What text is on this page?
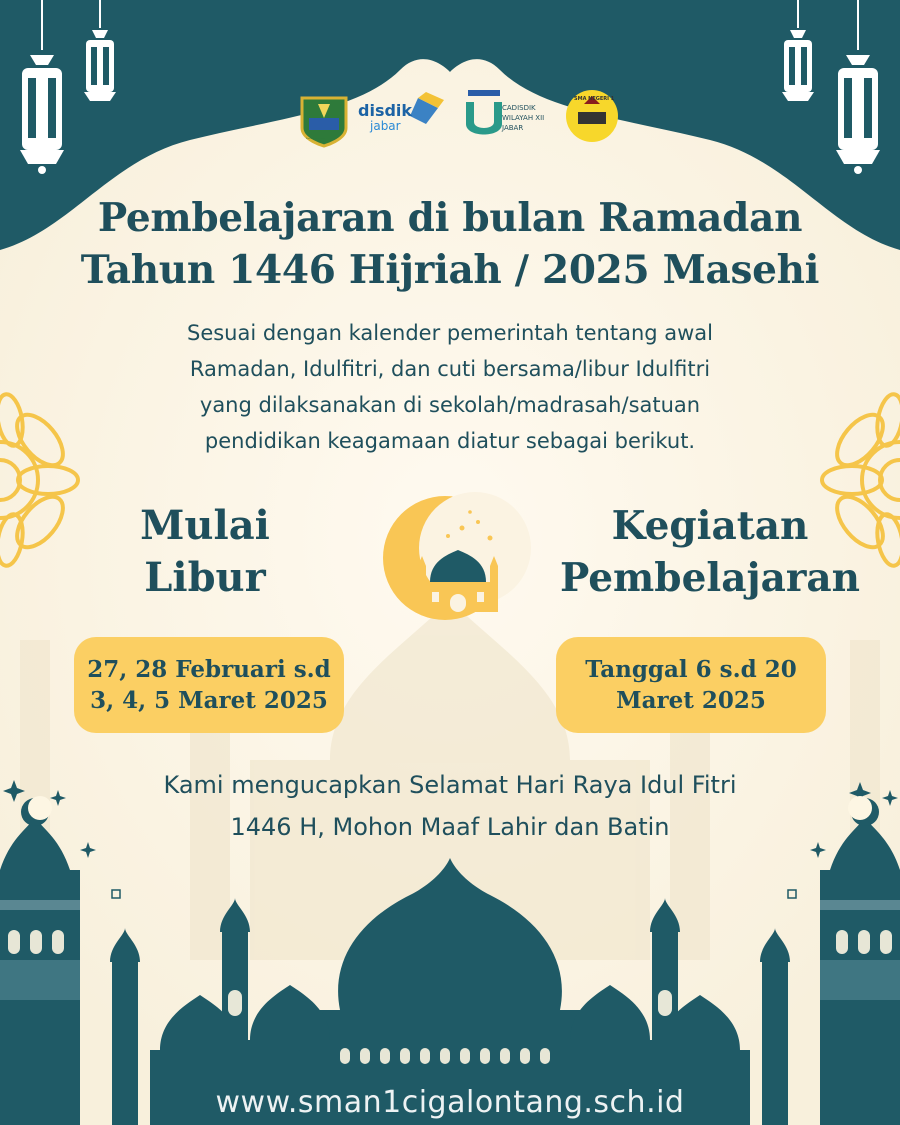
disdik
jabar
CADISDIK
WILAYAH XII
JABAR
SMA NEGERI 1
Provinsi Jawa Barat
Pembelajaran di bulan Ramadan
Tahun 1446 Hijriah / 2025 Masehi
Sesuai dengan kalender pemerintah tentang awal
Ramadan, Idulfitri, dan cuti bersama/libur Idulfitri
yang dilaksanakan di sekolah/madrasah/satuan
pendidikan keagamaan diatur sebagai berikut.
Mulai
Libur
Kegiatan
Pembelajaran
27, 28 Februari s.d
3, 4, 5 Maret 2025
Tanggal 6 s.d 20
Maret 2025
Kami mengucapkan Selamat Hari Raya Idul Fitri
1446 H, Mohon Maaf Lahir dan Batin
www.sman1cigalontang.sch.id
